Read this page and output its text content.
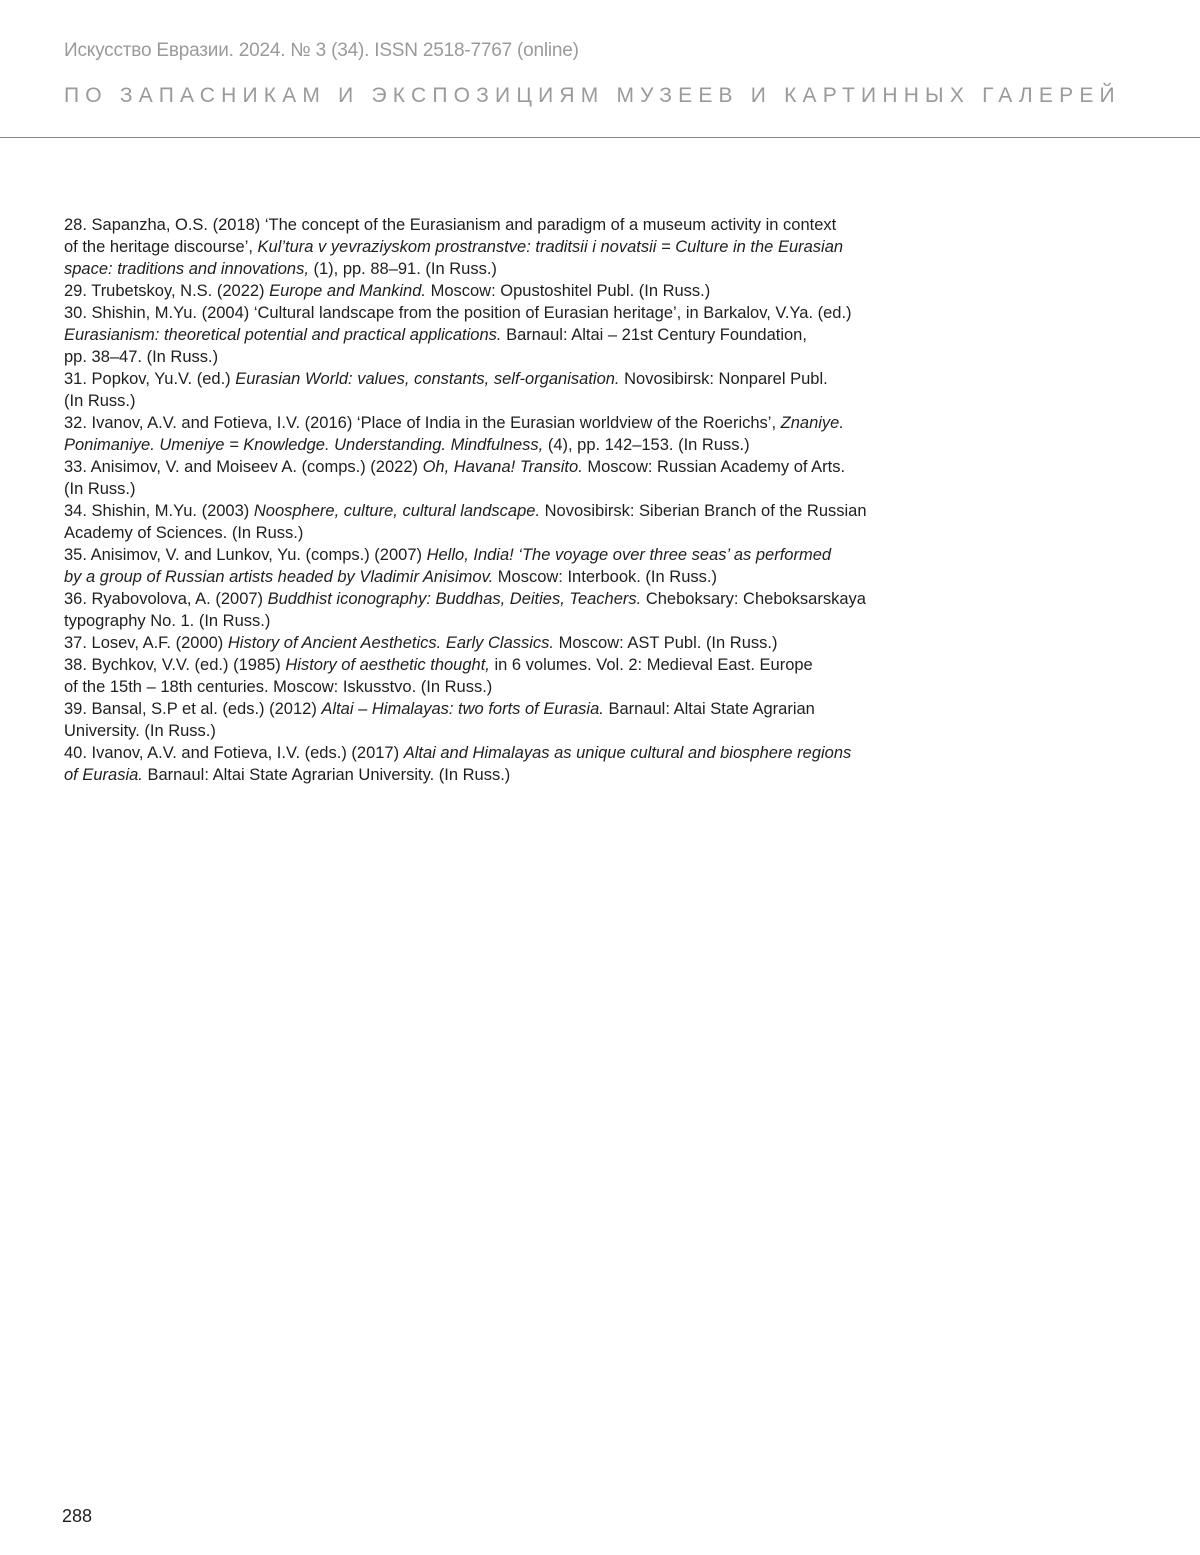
Искусство Евразии. 2024. № 3 (34). ISSN 2518-7767 (online)
ПО ЗАПАСНИКАМ И ЭКСПОЗИЦИЯМ МУЗЕЕВ И КАРТИННЫХ ГАЛЕРЕЙ
28. Sapanzha, O.S. (2018) ‘The concept of the Eurasianism and paradigm of a museum activity in context
of the heritage discourse’, Kul’tura v yevraziyskom prostranstve: traditsii i novatsii = Culture in the Eurasian
space: traditions and innovations, (1), pp. 88–91. (In Russ.)
29. Trubetskoy, N.S. (2022) Europe and Mankind. Moscow: Opustoshitel Publ. (In Russ.)
30. Shishin, M.Yu. (2004) ‘Cultural landscape from the position of Eurasian heritage’, in Barkalov, V.Ya. (ed.)
Eurasianism: theoretical potential and practical applications. Barnaul: Altai – 21st Century Foundation,
pp. 38–47. (In Russ.)
31. Popkov, Yu.V. (ed.) Eurasian World: values, constants, self-organisation. Novosibirsk: Nonparel Publ.
(In Russ.)
32. Ivanov, A.V. and Fotieva, I.V. (2016) ‘Place of India in the Eurasian worldview of the Roerichs’, Znaniye.
Ponimaniye. Umeniye = Knowledge. Understanding. Mindfulness, (4), pp. 142–153. (In Russ.)
33. Anisimov, V. and Moiseev A. (comps.) (2022) Oh, Havana! Transito. Moscow: Russian Academy of Arts.
(In Russ.)
34. Shishin, M.Yu. (2003) Noosphere, culture, cultural landscape. Novosibirsk: Siberian Branch of the Russian
Academy of Sciences. (In Russ.)
35. Anisimov, V. and Lunkov, Yu. (comps.) (2007) Hello, India! ‘The voyage over three seas’ as performed
by a group of Russian artists headed by Vladimir Anisimov. Moscow: Interbook. (In Russ.)
36. Ryabovolova, A. (2007) Buddhist iconography: Buddhas, Deities, Teachers. Cheboksary: Cheboksarskaya
typography No. 1. (In Russ.)
37. Losev, A.F. (2000) History of Ancient Aesthetics. Early Classics. Moscow: AST Publ. (In Russ.)
38. Bychkov, V.V. (ed.) (1985) History of aesthetic thought, in 6 volumes. Vol. 2: Medieval East. Europe
of the 15th – 18th centuries. Moscow: Iskusstvo. (In Russ.)
39. Bansal, S.P et al. (eds.) (2012) Altai – Himalayas: two forts of Eurasia. Barnaul: Altai State Agrarian
University. (In Russ.)
40. Ivanov, A.V. and Fotieva, I.V. (eds.) (2017) Altai and Himalayas as unique cultural and biosphere regions
of Eurasia. Barnaul: Altai State Agrarian University. (In Russ.)
288
